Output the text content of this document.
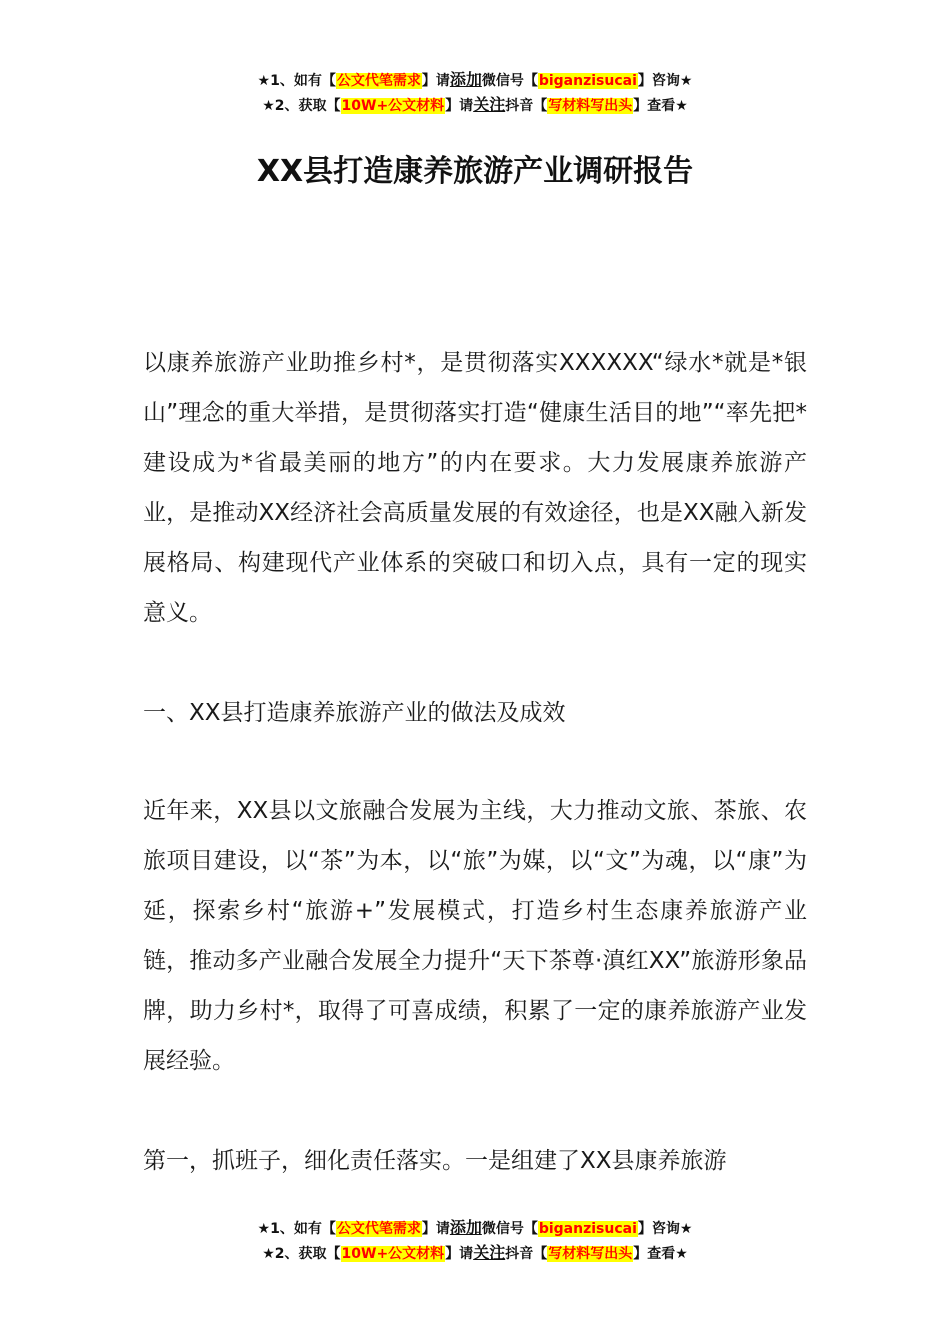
★1、如有【公文代笔需求】请添加微信号【biganzisucai】咨询★
★2、获取【10W+公文材料】请关注抖音【写材料写出头】查看★
XX县打造康养旅游产业调研报告

以康养旅游产业助推乡村*，是贯彻落实XXXXXX“绿水*就是*银山”理念的重大举措，是贯彻落实打造“健康生活目的地”“率先把*建设成为*省最美丽的地方”的内在要求。大力发展康养旅游产业，是推动XX经济社会高质量发展的有效途径，也是XX融入新发展格局、构建现代产业体系的突破口和切入点，具有一定的现实意义。

一、XX县打造康养旅游产业的做法及成效

近年来，XX县以文旅融合发展为主线，大力推动文旅、茶旅、农旅项目建设，以“茶”为本，以“旅”为媒，以“文”为魂，以“康”为延，探索乡村“旅游+”发展模式，打造乡村生态康养旅游产业链，推动多产业融合发展全力提升“天下茶尊·滇红XX”旅游形象品牌，助力乡村*，取得了可喜成绩，积累了一定的康养旅游产业发展经验。

第一，抓班子，细化责任落实。一是组建了XX县康养旅游

★1、如有【公文代笔需求】请添加微信号【biganzisucai】咨询★
★2、获取【10W+公文材料】请关注抖音【写材料写出头】查看★
